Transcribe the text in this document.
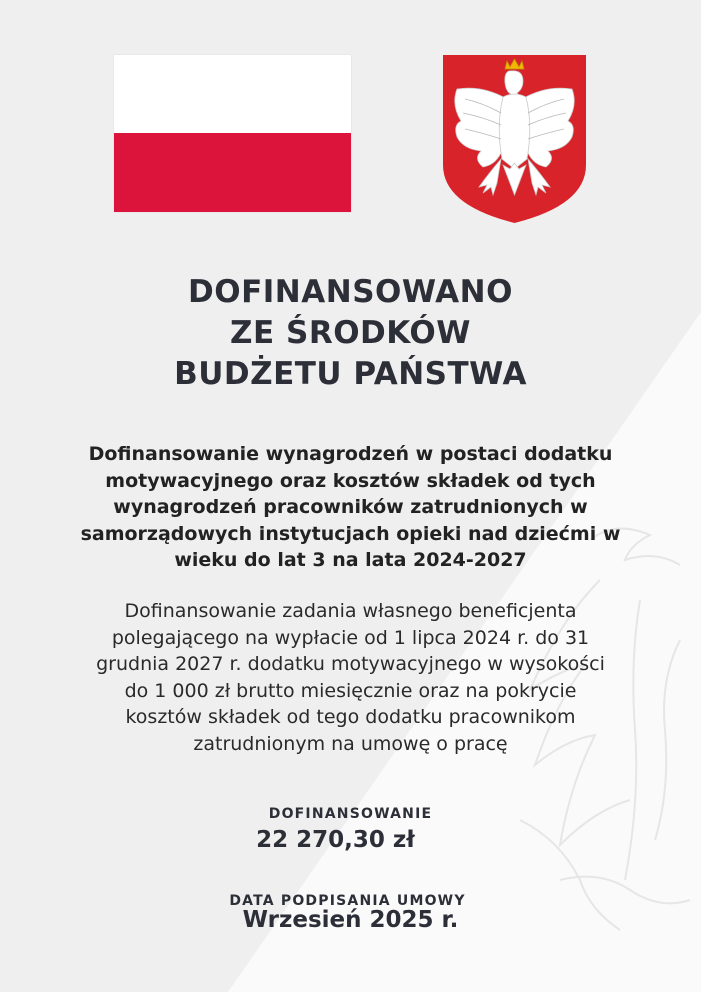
DOFINANSOWANO
ZE ŚRODKÓW
BUDŻETU PAŃSTWA
Dofinansowanie wynagrodzeń w postaci dodatku
motywacyjnego oraz kosztów składek od tych
wynagrodzeń pracowników zatrudnionych w
samorządowych instytucjach opieki nad dziećmi w
wieku do lat 3 na lata 2024-2027
Dofinansowanie zadania własnego beneficjenta
polegającego na wypłacie od 1 lipca 2024 r. do 31
grudnia 2027 r. dodatku motywacyjnego w wysokości
do 1 000 zł brutto miesięcznie oraz na pokrycie
kosztów składek od tego dodatku pracownikom
zatrudnionym na umowę o pracę
DOFINANSOWANIE
22 270,30 zł
DATA PODPISANIA UMOWY
Wrzesień 2025 r.
